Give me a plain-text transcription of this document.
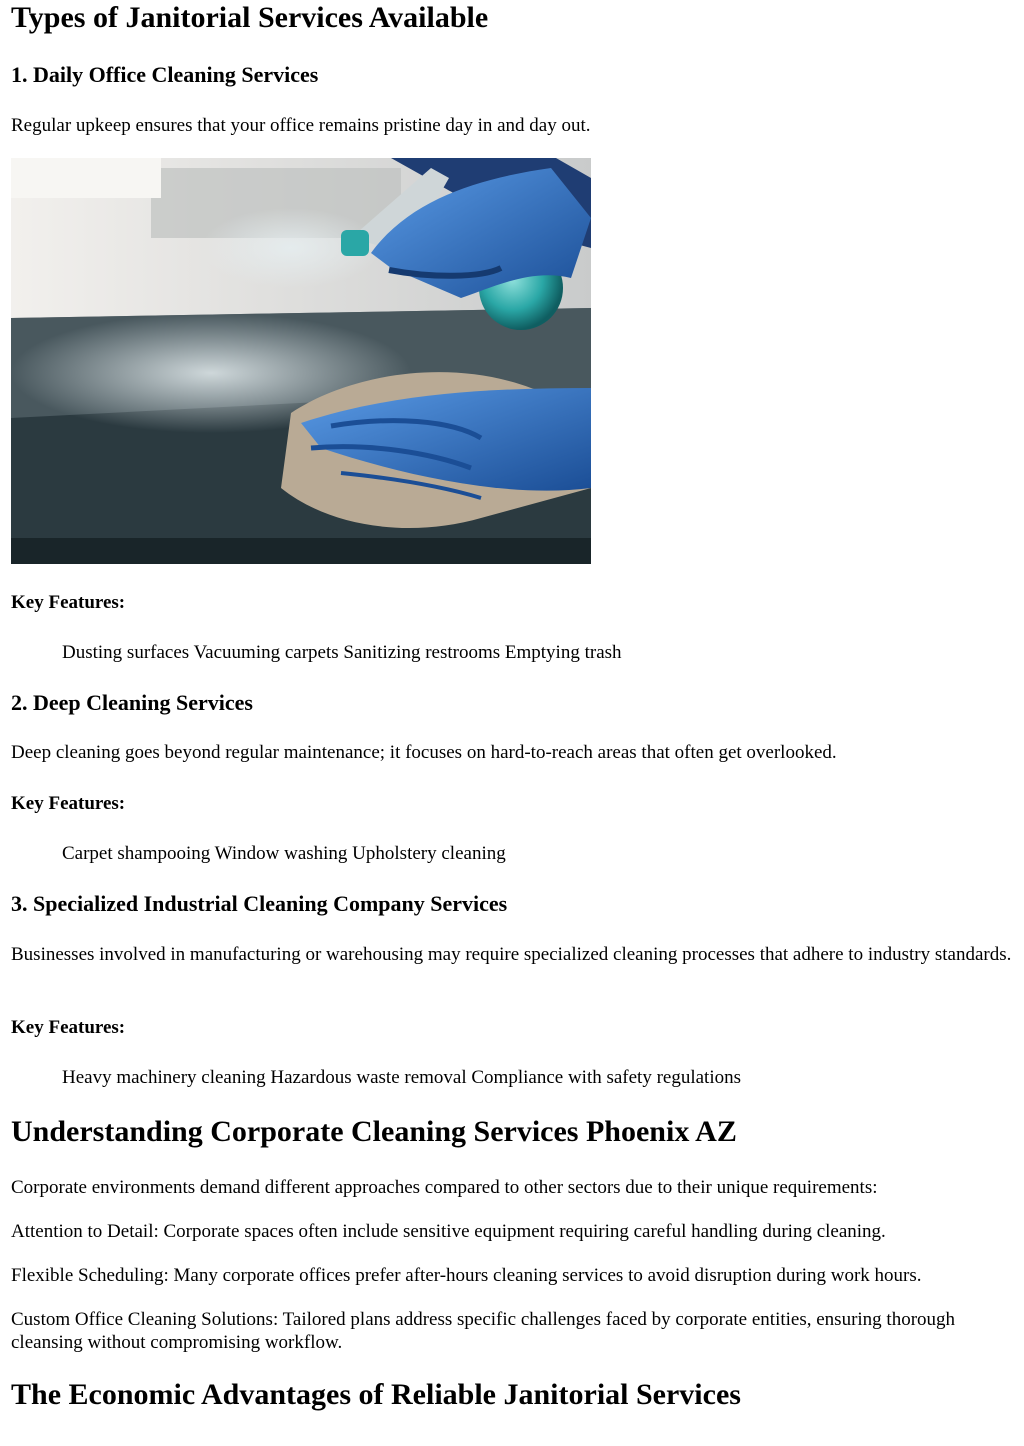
Types of Janitorial Services Available
1. Daily Office Cleaning Services

Regular upkeep ensures that your office remains pristine day in and day out.

Key Features:

Dusting surfaces Vacuuming carpets Sanitizing restrooms Emptying trash

2. Deep Cleaning Services

Deep cleaning goes beyond regular maintenance; it focuses on hard-to-reach areas that often get overlooked.

Key Features:

Carpet shampooing Window washing Upholstery cleaning

3. Specialized Industrial Cleaning Company Services

Businesses involved in manufacturing or warehousing may require specialized cleaning processes that adhere to industry standards.

Key Features:

Heavy machinery cleaning Hazardous waste removal Compliance with safety regulations

Understanding Corporate Cleaning Services Phoenix AZ

Corporate environments demand different approaches compared to other sectors due to their unique requirements:

Attention to Detail: Corporate spaces often include sensitive equipment requiring careful handling during cleaning.

Flexible Scheduling: Many corporate offices prefer after-hours cleaning services to avoid disruption during work hours.

Custom Office Cleaning Solutions: Tailored plans address specific challenges faced by corporate entities, ensuring thorough cleansing without compromising workflow.

The Economic Advantages of Reliable Janitorial Services
